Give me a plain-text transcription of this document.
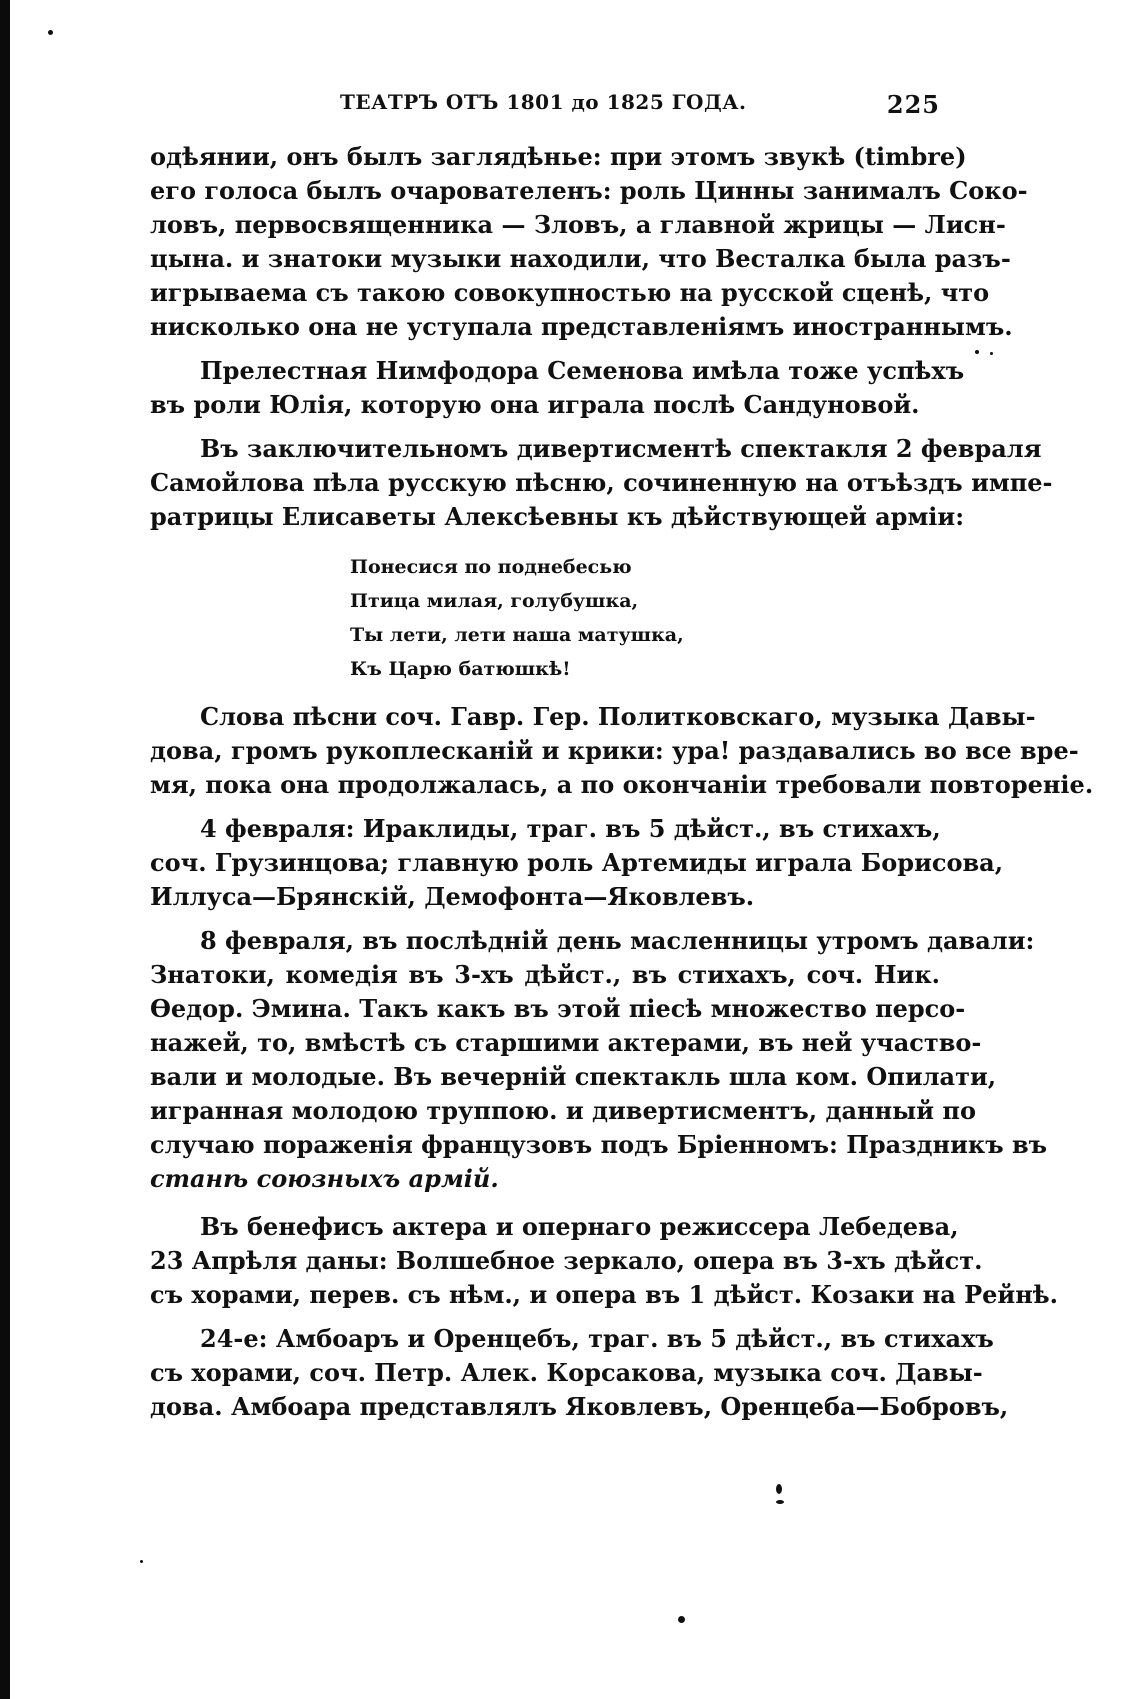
ТЕАТРЪ ОТЪ 1801 до 1825 ГОДА.	225
одѣянии, онъ былъ заглядѣнье: при этомъ звукѣ (timbre)
его голоса былъ очарователенъ: роль Цинны занималъ Соко-
ловъ, первосвященника — Зловъ, а главной жрицы — Лисн-
цына. и знатоки музыки находили, что Весталка была разъ-
игрываема съ такою совокупностью на русской сценѣ, что
нисколько она не уступала представленіямъ иностраннымъ.
Прелестная Нимфодора Семенова имѣла тоже успѣхъ
въ роли Юлія, которую она играла послѣ Сандуновой.
Въ заключительномъ дивертисментѣ спектакля 2 февраля
Самойлова пѣла русскую пѣсню, сочиненную на отъѣздъ импе-
ратрицы Елисаветы Алексѣевны къ дѣйствующей арміи:
Понесися по поднебесью
Птица милая, голубушка,
Ты лети, лети наша матушка,
Къ Царю батюшкѣ!
Слова пѣсни соч. Гавр. Гер. Политковскаго, музыка Давы-
дова, громъ рукоплесканій и крики: ура! раздавались во все вре-
мя, пока она продолжалась, а по окончаніи требовали повтореніе.
4 февраля: Ираклиды, траг. въ 5 дѣйст., въ стихахъ,
соч. Грузинцова; главную роль Артемиды играла Борисова,
Иллуса—Брянскій, Демофонта—Яковлевъ.
8 февраля, въ послѣдній день масленницы утромъ давали:
Знатоки, комедія въ 3-хъ дѣйст., въ стихахъ, соч. Ник.
Ѳедор. Эмина. Такъ какъ въ этой піесѣ множество персо-
нажей, то, вмѣстѣ съ старшими актерами, въ ней участво-
вали и молодые. Въ вечерній спектакль шла ком. Опилати,
игранная молодою труппою. и дивертисментъ, данный по
случаю пораженія французовъ подъ Бріенномъ: Праздникъ въ
станѣ союзныхъ армій.
Въ бенефисъ актера и опернаго режиссера Лебедева,
23 Апрѣля даны: Волшебное зеркало, опера въ 3-хъ дѣйст.
съ хорами, перев. съ нѣм., и опера въ 1 дѣйст. Козаки на Рейнѣ.
24-е: Амбоаръ и Оренцебъ, траг. въ 5 дѣйст., въ стихахъ
съ хорами, соч. Петр. Алек. Корсакова, музыка соч. Давы-
дова. Амбоара представлялъ Яковлевъ, Оренцеба—Бобровъ,
